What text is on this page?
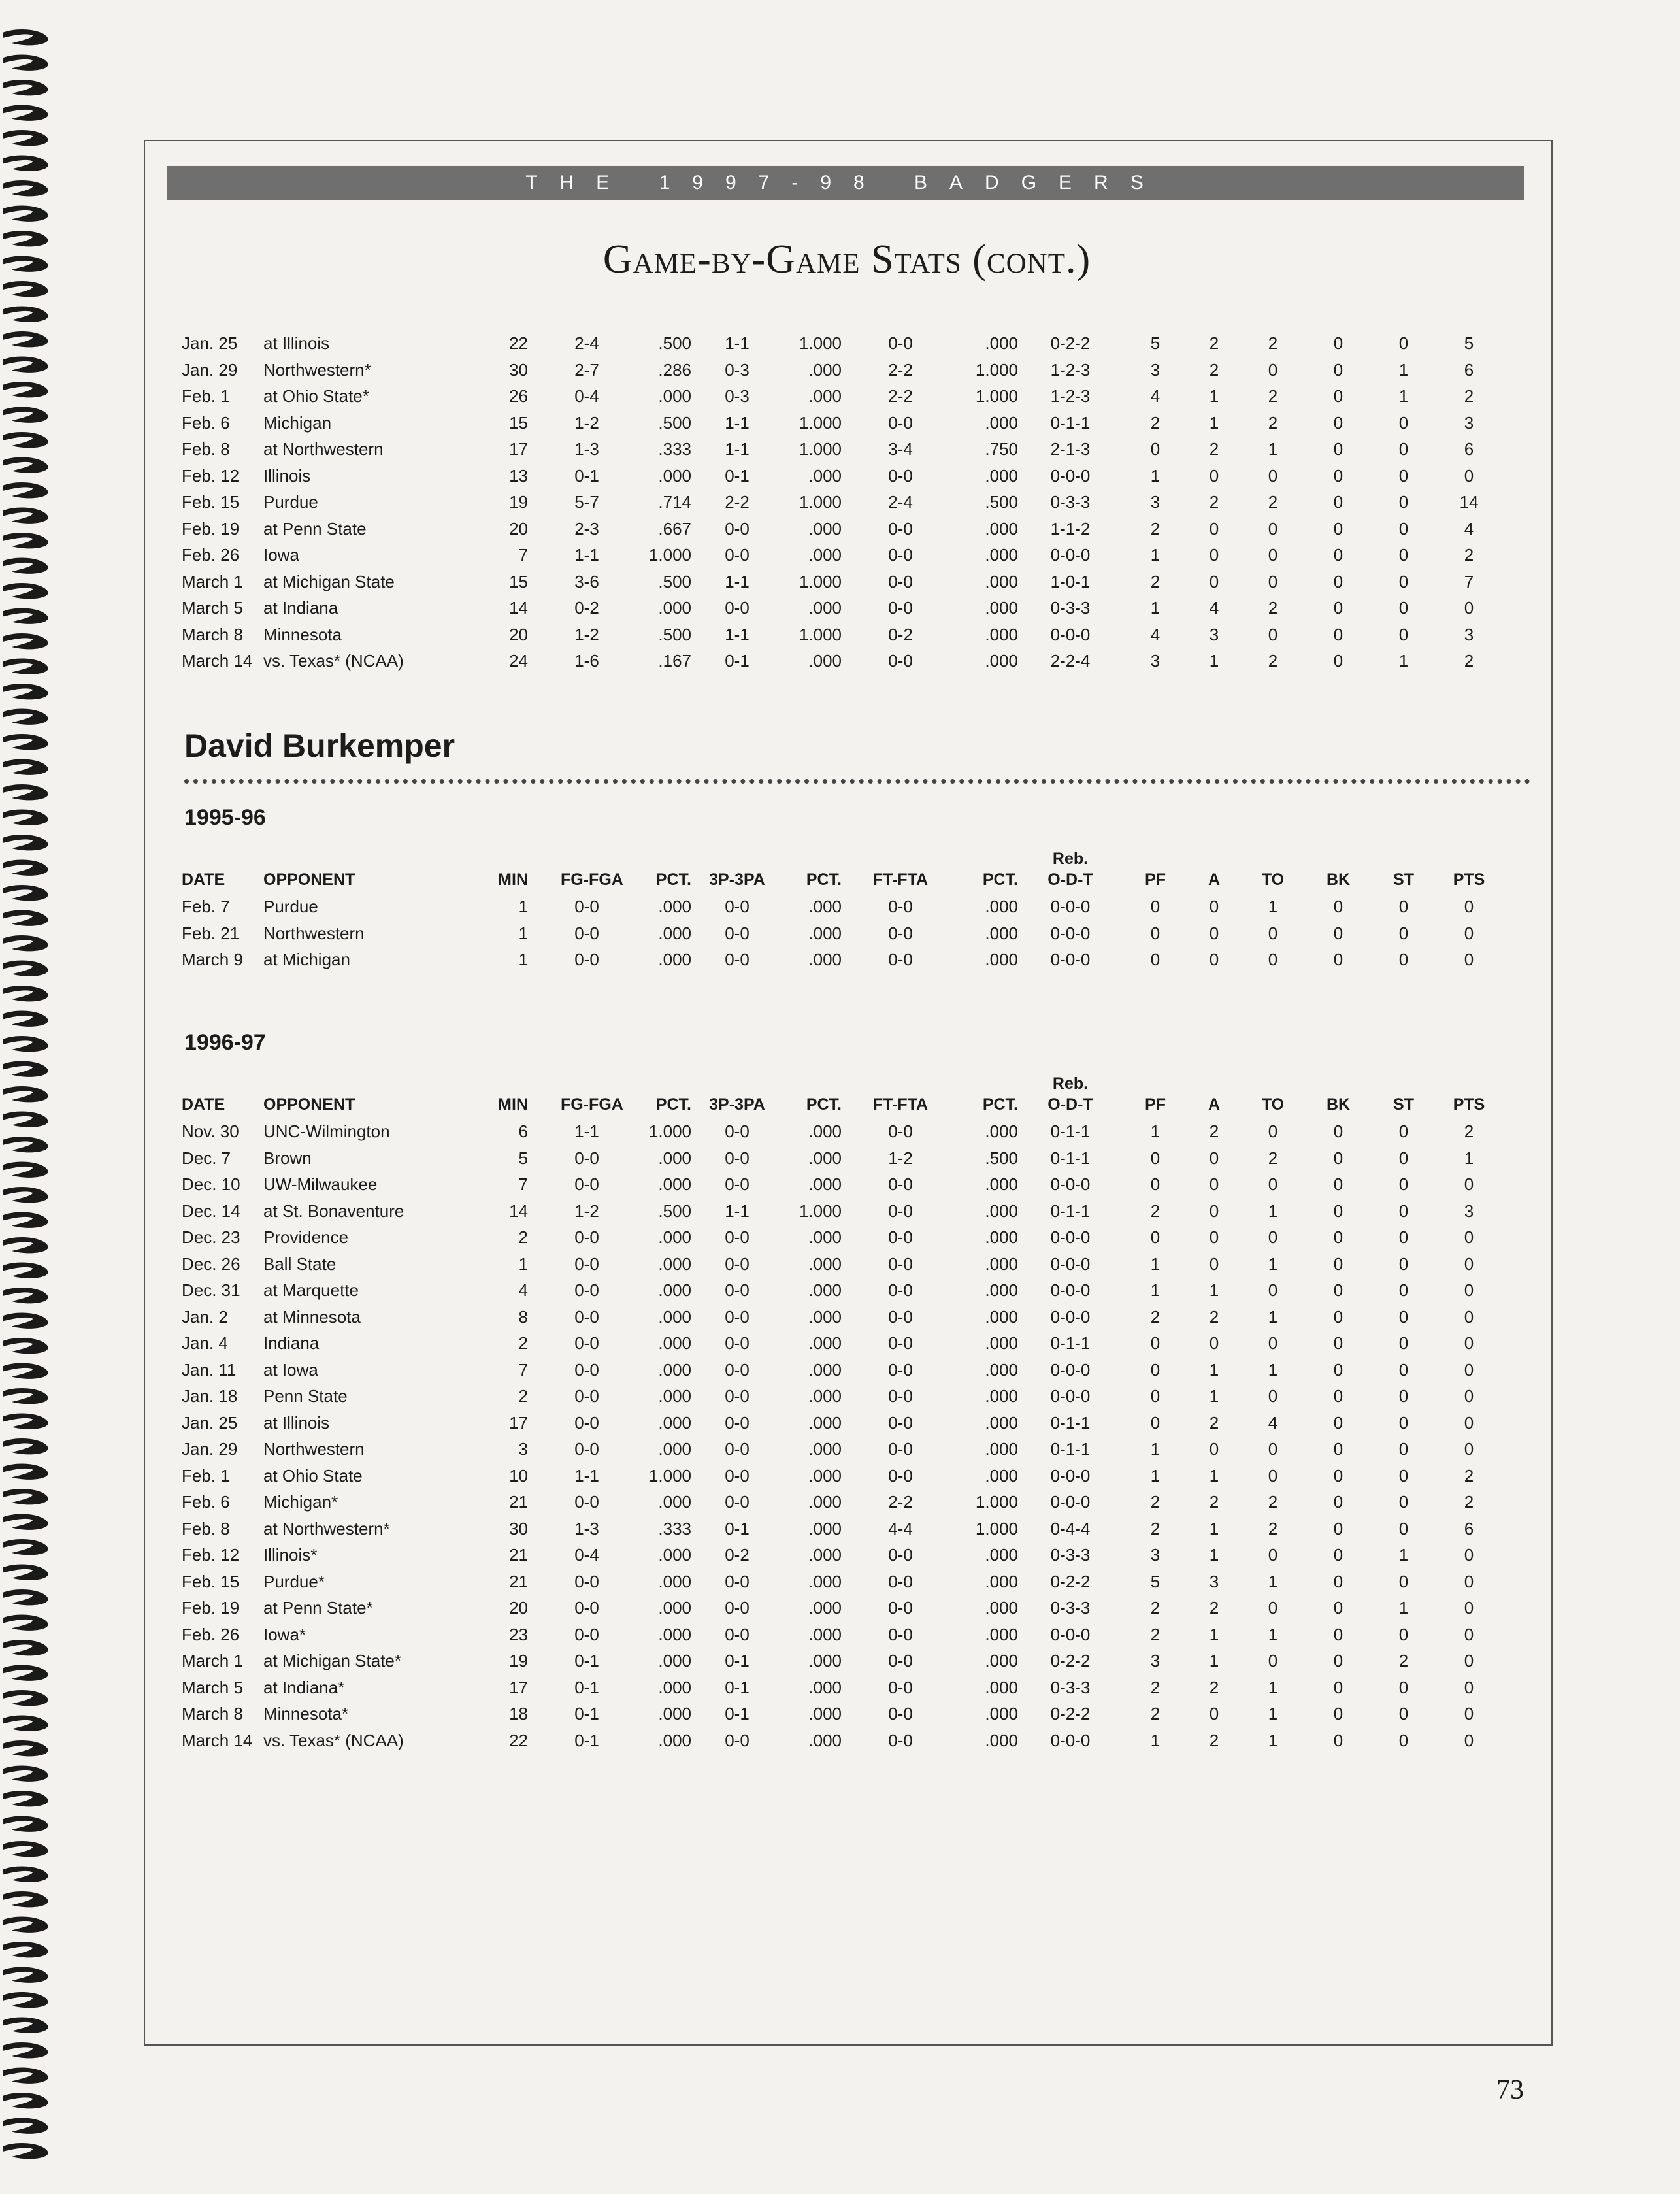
THE 1997-98 BADGERS
Game-by-Game Stats (cont.)
Jan. 25 at Illinois	22	2-4	.500	1-1	1.000	0-0	.000	0-2-2	5	2	2	0	0	5
Jan. 29 Northwestern*	30	2-7	.286	0-3	.000	2-2	1.000	1-2-3	3	2	0	0	1	6
Feb. 1 at Ohio State*	26	0-4	.000	0-3	.000	2-2	1.000	1-2-3	4	1	2	0	1	2
Feb. 6 Michigan	15	1-2	.500	1-1	1.000	0-0	.000	0-1-1	2	1	2	0	0	3
Feb. 8 at Northwestern	17	1-3	.333	1-1	1.000	3-4	.750	2-1-3	0	2	1	0	0	6
Feb. 12 Illinois	13	0-1	.000	0-1	.000	0-0	.000	0-0-0	1	0	0	0	0	0
Feb. 15 Purdue	19	5-7	.714	2-2	1.000	2-4	.500	0-3-3	3	2	2	0	0	14
Feb. 19 at Penn State	20	2-3	.667	0-0	.000	0-0	.000	1-1-2	2	0	0	0	0	4
Feb. 26 Iowa	7	1-1	1.000	0-0	.000	0-0	.000	0-0-0	1	0	0	0	0	2
March 1 at Michigan State	15	3-6	.500	1-1	1.000	0-0	.000	1-0-1	2	0	0	0	0	7
March 5 at Indiana	14	0-2	.000	0-0	.000	0-0	.000	0-3-3	1	4	2	0	0	0
March 8 Minnesota	20	1-2	.500	1-1	1.000	0-2	.000	0-0-0	4	3	0	0	0	3
March 14 vs. Texas* (NCAA)	24	1-6	.167	0-1	.000	0-0	.000	2-2-4	3	1	2	0	1	2
David Burkemper
1995-96
Reb.
DATE OPPONENT	MIN FG-FGA	PCT. 3P-3PA	PCT.	FT-FTA	PCT.	O-D-T	PF	A	TO	BK	ST PTS
Feb. 7 Purdue	1	0-0	.000	0-0	.000	0-0	.000	0-0-0	0	0	1	0	0	0
Feb. 21 Northwestern	1	0-0	.000	0-0	.000	0-0	.000	0-0-0	0	0	0	0	0	0
March 9 at Michigan	1	0-0	.000	0-0	.000	0-0	.000	0-0-0	0	0	0	0	0	0
1996-97
Reb.
DATE OPPONENT	MIN FG-FGA	PCT. 3P-3PA	PCT.	FT-FTA	PCT.	O-D-T	PF	A	TO	BK	ST PTS
Nov. 30 UNC-Wilmington	6	1-1	1.000	0-0	.000	0-0	.000	0-1-1	1	2	0	0	0	2
Dec. 7 Brown	5	0-0	.000	0-0	.000	1-2	.500	0-1-1	0	0	2	0	0	1
Dec. 10 UW-Milwaukee	7	0-0	.000	0-0	.000	0-0	.000	0-0-0	0	0	0	0	0	0
Dec. 14 at St. Bonaventure	14	1-2	.500	1-1	1.000	0-0	.000	0-1-1	2	0	1	0	0	3
Dec. 23 Providence	2	0-0	.000	0-0	.000	0-0	.000	0-0-0	0	0	0	0	0	0
Dec. 26 Ball State	1	0-0	.000	0-0	.000	0-0	.000	0-0-0	1	0	1	0	0	0
Dec. 31 at Marquette	4	0-0	.000	0-0	.000	0-0	.000	0-0-0	1	1	0	0	0	0
Jan. 2 at Minnesota	8	0-0	.000	0-0	.000	0-0	.000	0-0-0	2	2	1	0	0	0
Jan. 4 Indiana	2	0-0	.000	0-0	.000	0-0	.000	0-1-1	0	0	0	0	0	0
Jan. 11 at Iowa	7	0-0	.000	0-0	.000	0-0	.000	0-0-0	0	1	1	0	0	0
Jan. 18 Penn State	2	0-0	.000	0-0	.000	0-0	.000	0-0-0	0	1	0	0	0	0
Jan. 25 at Illinois	17	0-0	.000	0-0	.000	0-0	.000	0-1-1	0	2	4	0	0	0
Jan. 29 Northwestern	3	0-0	.000	0-0	.000	0-0	.000	0-1-1	1	0	0	0	0	0
Feb. 1 at Ohio State	10	1-1	1.000	0-0	.000	0-0	.000	0-0-0	1	1	0	0	0	2
Feb. 6 Michigan*	21	0-0	.000	0-0	.000	2-2	1.000	0-0-0	2	2	2	0	0	2
Feb. 8 at Northwestern*	30	1-3	.333	0-1	.000	4-4	1.000	0-4-4	2	1	2	0	0	6
Feb. 12 Illinois*	21	0-4	.000	0-2	.000	0-0	.000	0-3-3	3	1	0	0	1	0
Feb. 15 Purdue*	21	0-0	.000	0-0	.000	0-0	.000	0-2-2	5	3	1	0	0	0
Feb. 19 at Penn State*	20	0-0	.000	0-0	.000	0-0	.000	0-3-3	2	2	0	0	1	0
Feb. 26 Iowa*	23	0-0	.000	0-0	.000	0-0	.000	0-0-0	2	1	1	0	0	0
March 1 at Michigan State*	19	0-1	.000	0-1	.000	0-0	.000	0-2-2	3	1	0	0	2	0
March 5 at Indiana*	17	0-1	.000	0-1	.000	0-0	.000	0-3-3	2	2	1	0	0	0
March 8 Minnesota*	18	0-1	.000	0-1	.000	0-0	.000	0-2-2	2	0	1	0	0	0
March 14 vs. Texas* (NCAA)	22	0-1	.000	0-0	.000	0-0	.000	0-0-0	1	2	1	0	0	0
73
